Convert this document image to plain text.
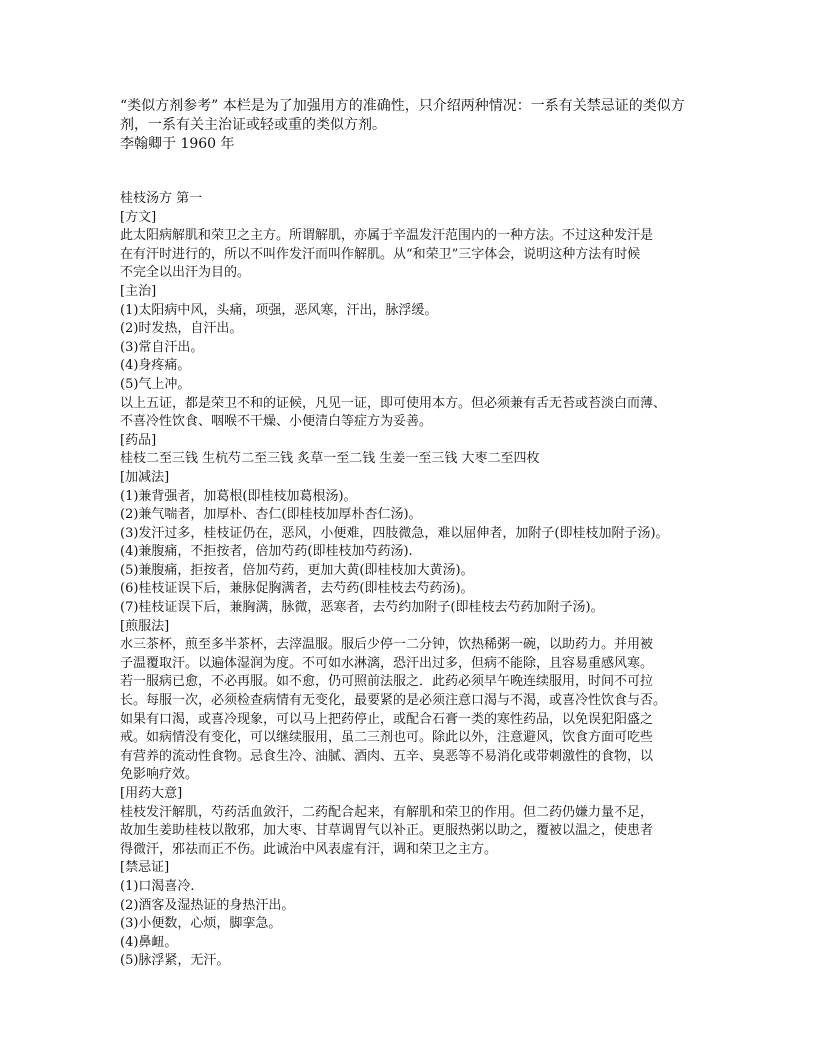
“类似方剂参考” 本栏是为了加强用方的准确性，只介绍两种情况：一系有关禁忌证的类似方
剂，一系有关主治证或轻或重的类似方剂。
李翰卿于 1960 年
桂枝汤方 第一
[方文]
此太阳病解肌和荣卫之主方。所谓解肌，亦属于辛温发汗范围内的一种方法。不过这种发汗是
在有汗时进行的，所以不叫作发汗而叫作解肌。从“和荣卫”三字体会，说明这种方法有时候
不完全以出汗为目的。
[主治]
(1)太阳病中风，头痛，项强，恶风寒，汗出，脉浮缓。
(2)时发热，自汗出。
(3)常自汗出。
(4)身疼痛。
(5)气上冲。
以上五证，都是荣卫不和的证候，凡见一证，即可使用本方。但必须兼有舌无苔或苔淡白而薄、
不喜冷性饮食、咽喉不干燥、小便清白等症方为妥善。
[药品]
桂枝二至三钱 生杭芍二至三钱 炙草一至二钱 生姜一至三钱 大枣二至四枚
[加减法]
(1)兼背强者，加葛根(即桂枝加葛根汤)。
(2)兼气喘者，加厚朴、杏仁(即桂枝加厚朴杏仁汤)。
(3)发汗过多，桂枝证仍在，恶风，小便难，四肢微急，难以屈伸者，加附子(即桂枝加附子汤)。
(4)兼腹痛，不拒按者，倍加芍药(即桂枝加芍药汤).
(5)兼腹痛，拒按者，倍加芍药，更加大黄(即桂枝加大黄汤)。
(6)桂枝证误下后，兼脉促胸满者，去芍药(即桂枝去芍药汤)。
(7)桂枝证误下后，兼胸满，脉微，恶寒者，去芍约加附子(即桂枝去芍药加附子汤)。
[煎服法]
水三茶杯，煎至多半茶杯，去滓温服。服后少停一二分钟，饮热稀粥一碗，以助药力。并用被
子温覆取汗。以遍体湿润为度。不可如水淋漓，恐汗出过多，但病不能除，且容易重感风寒。
若一服病已愈，不必再服。如不愈，仍可照前法服之．此药必须早午晚连续服用，时间不可拉
长。每服一次，必须检查病情有无变化，最要紧的是必须注意口渴与不渴，或喜冷性饮食与否。
如果有口渴，或喜冷现象，可以马上把药停止，或配合石膏一类的寒性药品，以免误犯阳盛之
戒。如病情没有变化，可以继续服用，虽二三剂也可。除此以外，注意避风，饮食方面可吃些
有营养的流动性食物。忌食生冷、油腻、酒肉、五辛、臭恶等不易消化或带刺激性的食物，以
免影响疗效。
[用药大意]
桂枝发汗解肌，芍药活血敛汗，二药配合起来，有解肌和荣卫的作用。但二药仍嫌力量不足，
故加生姜助桂枝以散邪，加大枣、甘草调胃气以补正。更服热粥以助之，覆被以温之，使患者
得微汗，邪祛而正不伤。此诚治中风表虚有汗，调和荣卫之主方。
[禁忌证]
(1)口渴喜冷.
(2)酒客及湿热证的身热汗出。
(3)小便数，心烦，脚挛急。
(4)鼻衄。
(5)脉浮紧，无汗。
